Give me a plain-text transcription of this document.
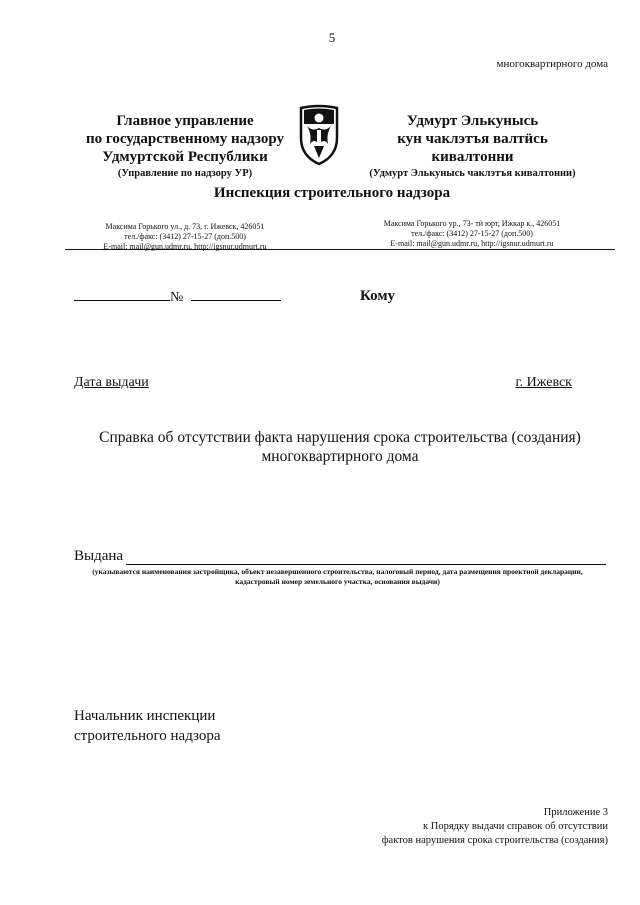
5
многоквартирного дома
Главное управление
по государственному надзору
Удмуртской Республики
(Управление по надзору УР)
Удмурт Элькунысь
кун чаклэтъя валтӥсь
кивалтонни
(Удмурт Элькунысь чаклэтъя кивалтонни)
Инспекция строительного надзора
Максима Горького ул., д. 73, г. Ижевск, 426051
тел./факс: (3412) 27-15-27 (доп.500)
E-mail: mail@gun.udmr.ru, http://igsnur.udmurt.ru
Максима Горького ур., 73- тӥ юрт, Ижкар к., 426051
тел./факс: (3412) 27-15-27 (доп.500)
E-mail: mail@gun.udmr.ru, http://igsnur.udmurt.ru
№	Кому
Дата выдачи	г. Ижевск
Справка об отсутствии факта нарушения срока строительства (создания)
многоквартирного дома
Выдана
(указываются наименования застройщика, объект незавершенного строительства, налоговый период, дата размещения проектной декларации,
кадастровый номер земельного участка, основания выдачи)
Начальник инспекции
строительного надзора
Приложение 3
к Порядку выдачи справок об отсутствии
фактов нарушения срока строительства (создания)
